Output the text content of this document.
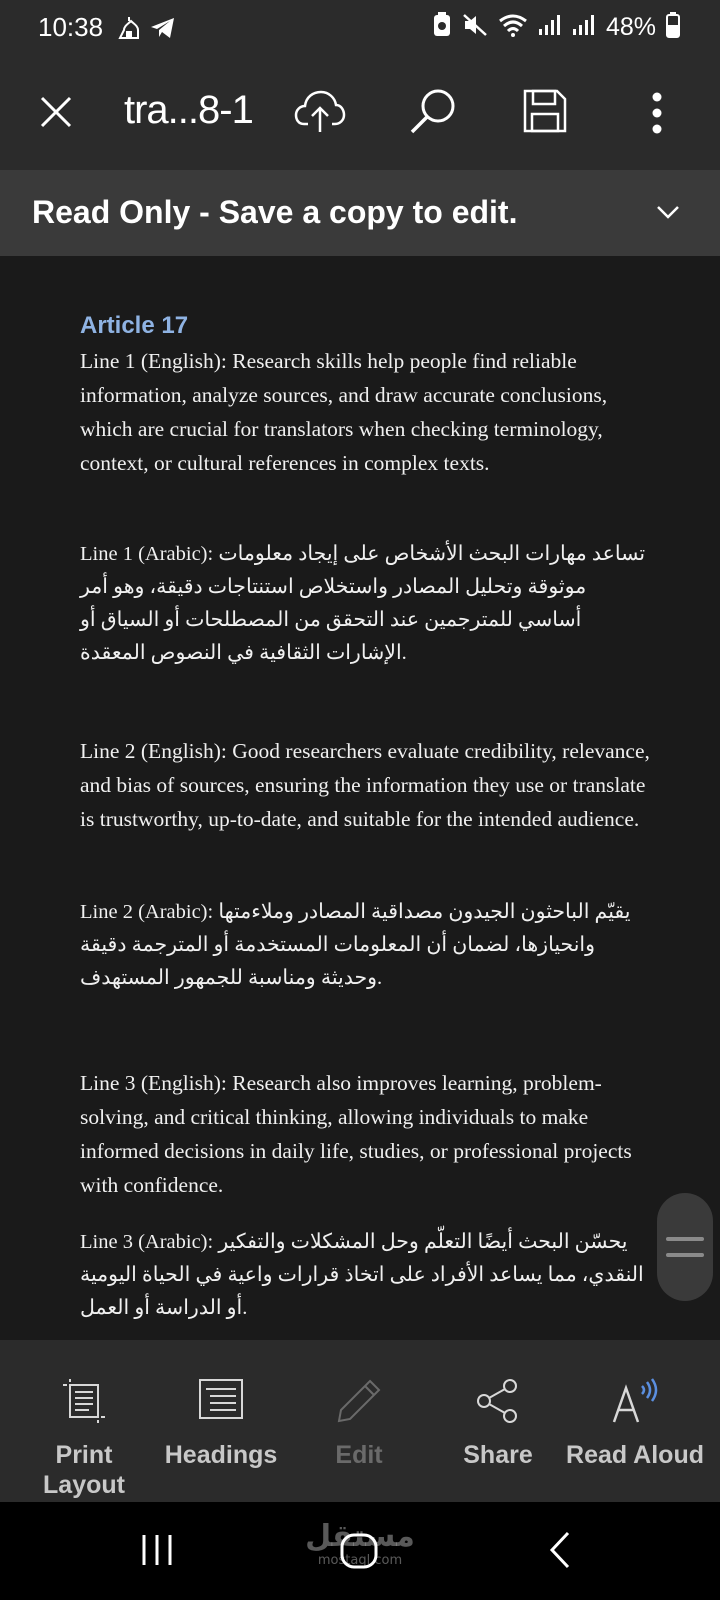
10:38	48%
tra...8-1
Read Only - Save a copy to edit.
Article 17

Line 1 (English): Research skills help people find reliable information, analyze sources, and draw accurate conclusions, which are crucial for translators when checking terminology, context, or cultural references in complex texts.

Line 1 (Arabic): تساعد مهارات البحث الأشخاص على إيجاد معلومات موثوقة وتحليل المصادر واستخلاص استنتاجات دقيقة، وهو أمر أساسي للمترجمين عند التحقق من المصطلحات أو السياق أو الإشارات الثقافية في النصوص المعقدة.

Line 2 (English): Good researchers evaluate credibility, relevance, and bias of sources, ensuring the information they use or translate is trustworthy, up-to-date, and suitable for the intended audience.

Line 2 (Arabic): يقيّم الباحثون الجيدون مصداقية المصادر وملاءمتها وانحيازها، لضمان أن المعلومات المستخدمة أو المترجمة دقيقة وحديثة ومناسبة للجمهور المستهدف.

Line 3 (English): Research also improves learning, problem-solving, and critical thinking, allowing individuals to make informed decisions in daily life, studies, or professional projects with confidence.

Line 3 (Arabic): يحسّن البحث أيضًا التعلّم وحل المشكلات والتفكير النقدي، مما يساعد الأفراد على اتخاذ قرارات واعية في الحياة اليومية أو الدراسة أو العمل.

Print Layout
Headings	Edit	Share	Read Aloud
مستقل
mostaql.com
